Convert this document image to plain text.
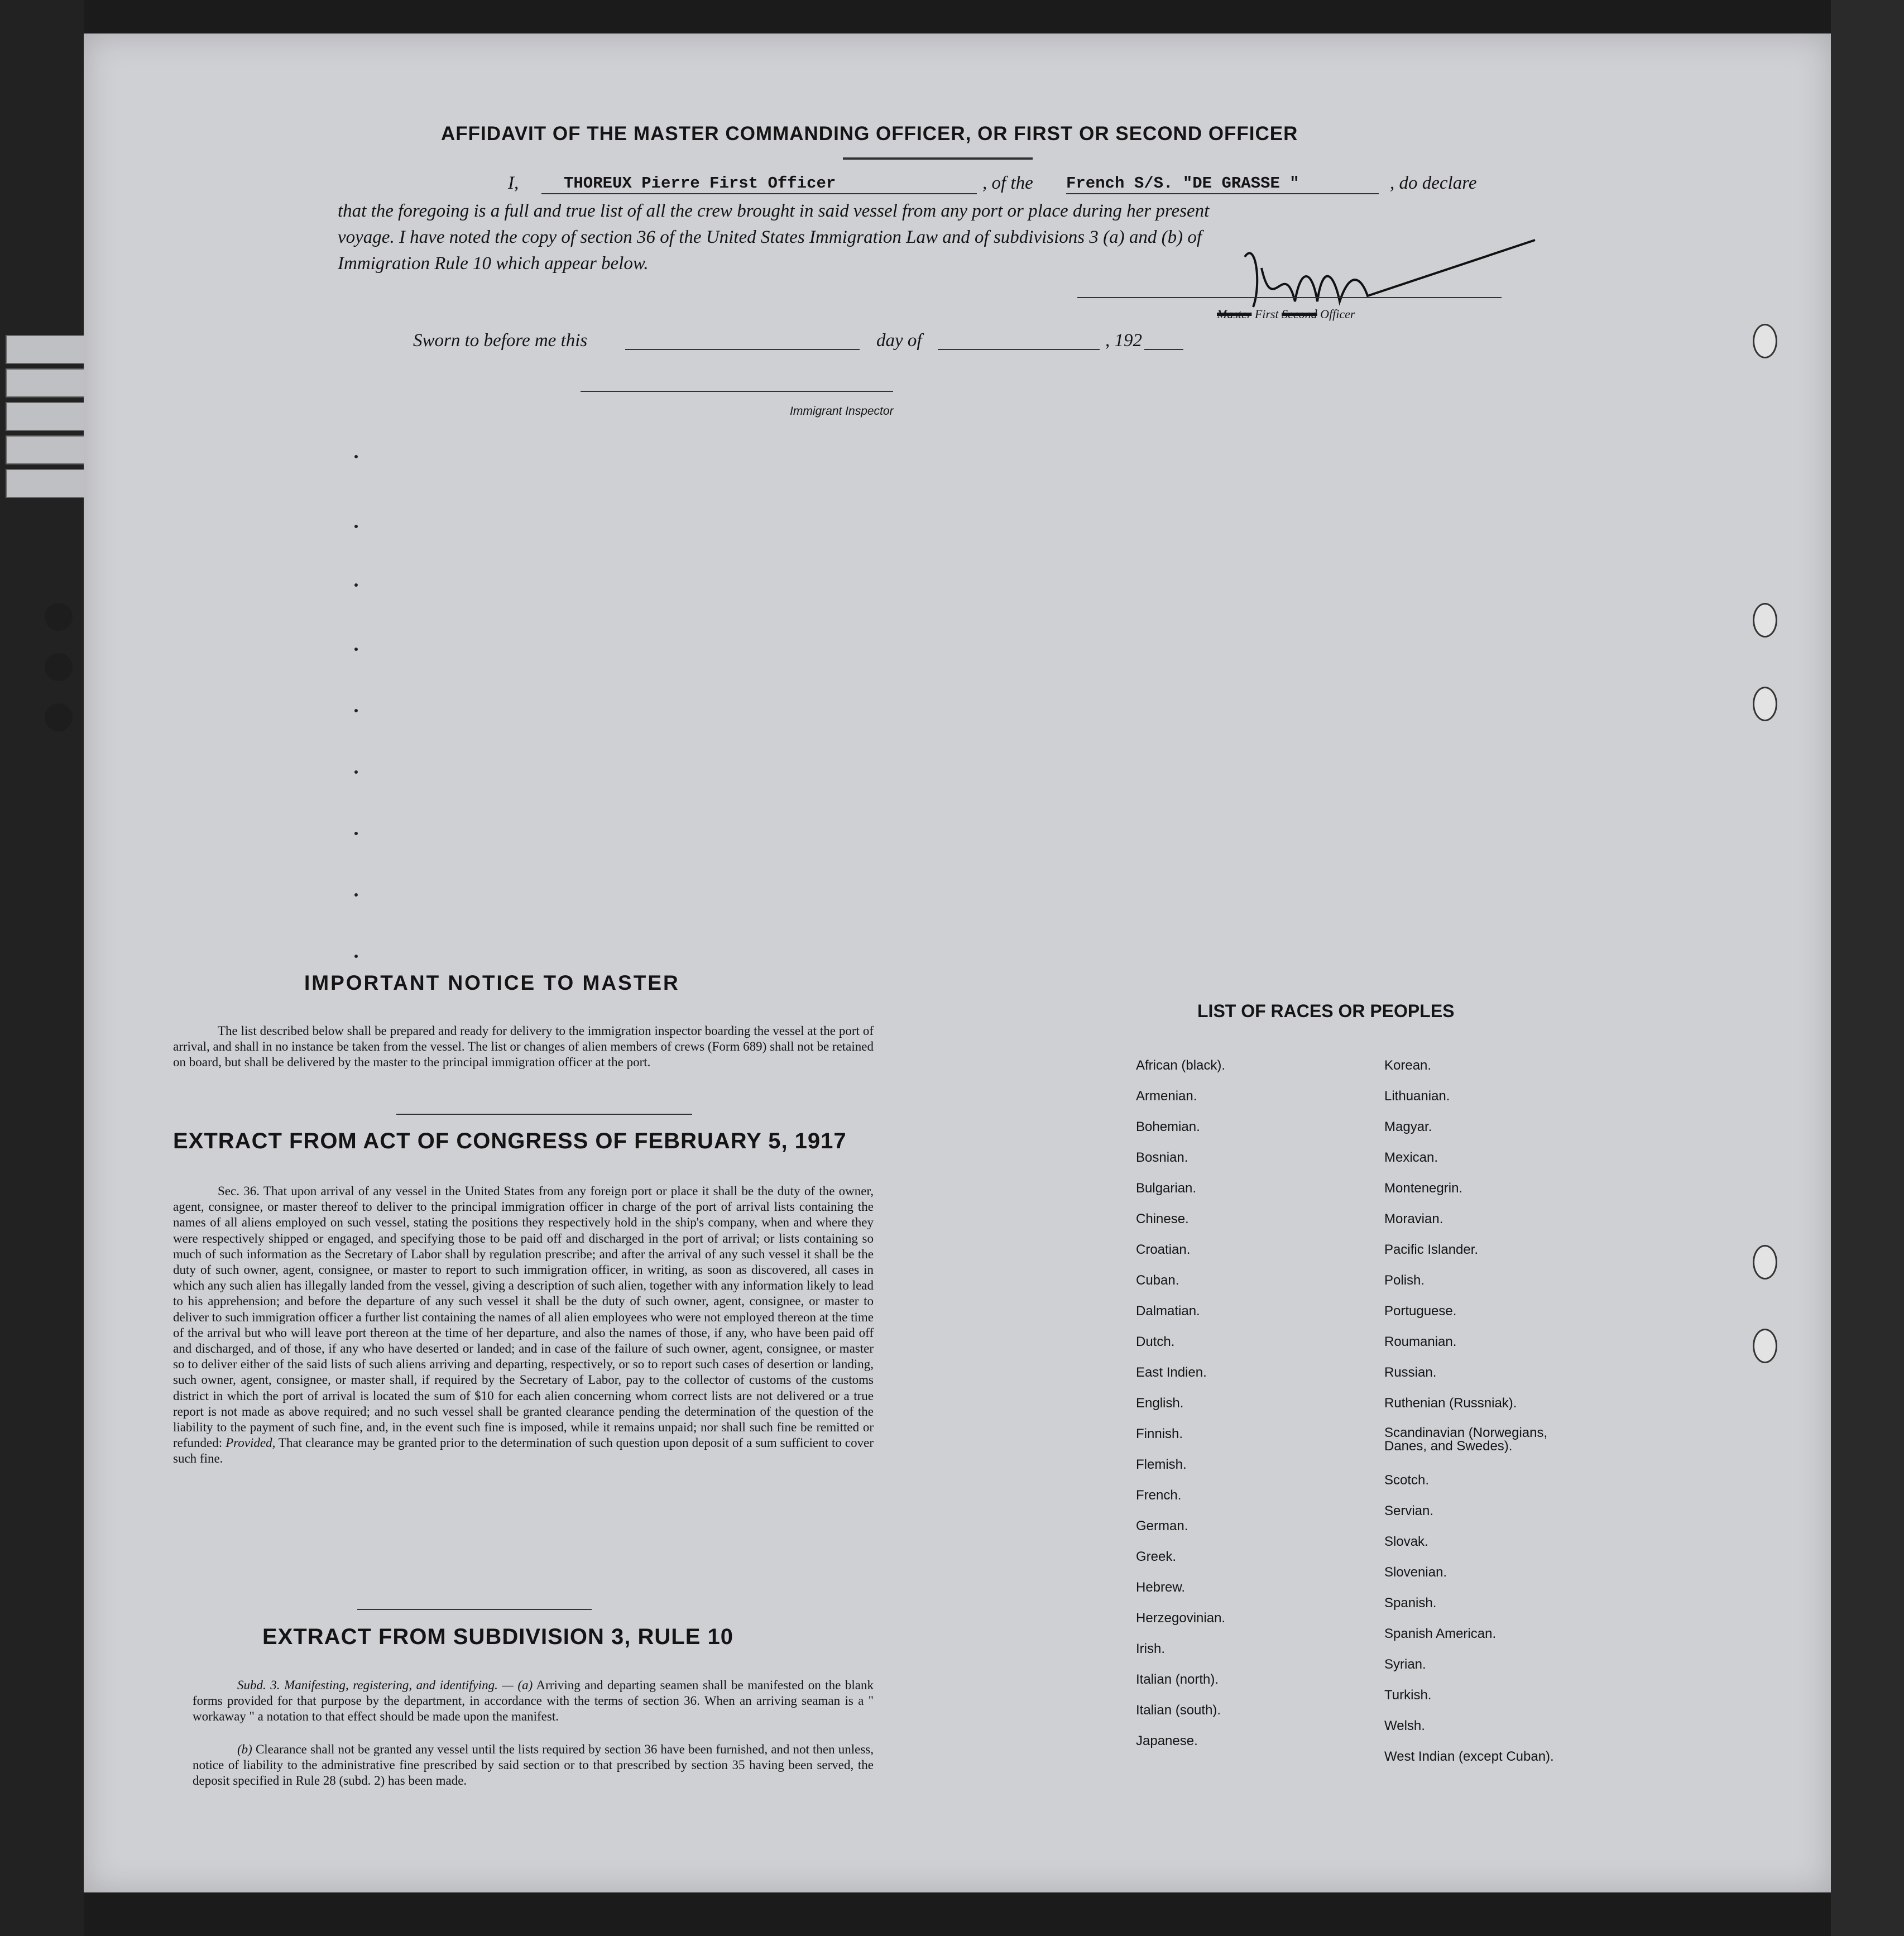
AFFIDAVIT OF THE MASTER COMMANDING OFFICER, OR FIRST OR SECOND OFFICER
I,	THOREUX Pierre First Officer	, of the French S/S. "DE GRASSE "	, do declare
that the foregoing is a full and true list of all the crew brought in said vessel from any port or place during her present
voyage. I have noted the copy of section 36 of the United States Immigration Law and of subdivisions 3 (a) and (b) of
Immigration Rule 10 which appear below.
Master First Second Officer
Sworn to before me this	day of	, 192
Immigrant Inspector
IMPORTANT NOTICE TO MASTER
The list described below shall be prepared and ready for delivery to the immigration inspector boarding the vessel at the port of arrival, and shall in no instance be taken from the vessel. The list or changes of alien members of crews (Form 689) shall not be retained on board, but shall be delivered by the master to the principal immigration officer at the port.
EXTRACT FROM ACT OF CONGRESS OF FEBRUARY 5, 1917
Sec. 36. That upon arrival of any vessel in the United States from any foreign port or place it shall be the duty of the owner, agent, consignee, or master thereof to deliver to the principal immigration officer in charge of the port of arrival lists containing the names of all aliens employed on such vessel, stating the positions they respectively hold in the ship's company, when and where they were respectively shipped or engaged, and specifying those to be paid off and discharged in the port of arrival; or lists containing so much of such information as the Secretary of Labor shall by regulation prescribe; and after the arrival of any such vessel it shall be the duty of such owner, agent, consignee, or master to report to such immigration officer, in writing, as soon as discovered, all cases in which any such alien has illegally landed from the vessel, giving a description of such alien, together with any information likely to lead to his apprehension; and before the departure of any such vessel it shall be the duty of such owner, agent, consignee, or master to deliver to such immigration officer a further list containing the names of all alien employees who were not employed thereon at the time of the arrival but who will leave port thereon at the time of her departure, and also the names of those, if any, who have been paid off and discharged, and of those, if any who have deserted or landed; and in case of the failure of such owner, agent, consignee, or master so to deliver either of the said lists of such aliens arriving and departing, respectively, or so to report such cases of desertion or landing, such owner, agent, consignee, or master shall, if required by the Secretary of Labor, pay to the collector of customs of the customs district in which the port of arrival is located the sum of $10 for each alien concerning whom correct lists are not delivered or a true report is not made as above required; and no such vessel shall be granted clearance pending the determination of the question of the liability to the payment of such fine, and, in the event such fine is imposed, while it remains unpaid; nor shall such fine be remitted or refunded: Provided, That clearance may be granted prior to the determination of such question upon deposit of a sum sufficient to cover such fine.
EXTRACT FROM SUBDIVISION 3, RULE 10
Subd. 3. Manifesting, registering, and identifying. — (a) Arriving and departing seamen shall be manifested on the blank forms provided for that purpose by the department, in accordance with the terms of section 36. When an arriving seaman is a " workaway " a notation to that effect should be made upon the manifest.
(b) Clearance shall not be granted any vessel until the lists required by section 36 have been furnished, and not then unless, notice of liability to the administrative fine prescribed by said section or to that prescribed by section 35 having been served, the deposit specified in Rule 28 (subd. 2) has been made.
LIST OF RACES OR PEOPLES
African (black).
Armenian.
Bohemian.
Bosnian.
Bulgarian.
Chinese.
Croatian.
Cuban.
Dalmatian.
Dutch.
East Indien.
English.
Finnish.
Flemish.
French.
German.
Greek.
Hebrew.
Herzegovinian.
Irish.
Italian (north).
Italian (south).
Japanese.
Korean.
Lithuanian.
Magyar.
Mexican.
Montenegrin.
Moravian.
Pacific Islander.
Polish.
Portuguese.
Roumanian.
Russian.
Ruthenian (Russniak).
Scandinavian (Norwegians, Danes, and Swedes).
Scotch.
Servian.
Slovak.
Slovenian.
Spanish.
Spanish American.
Syrian.
Turkish.
Welsh.
West Indian (except Cuban).
